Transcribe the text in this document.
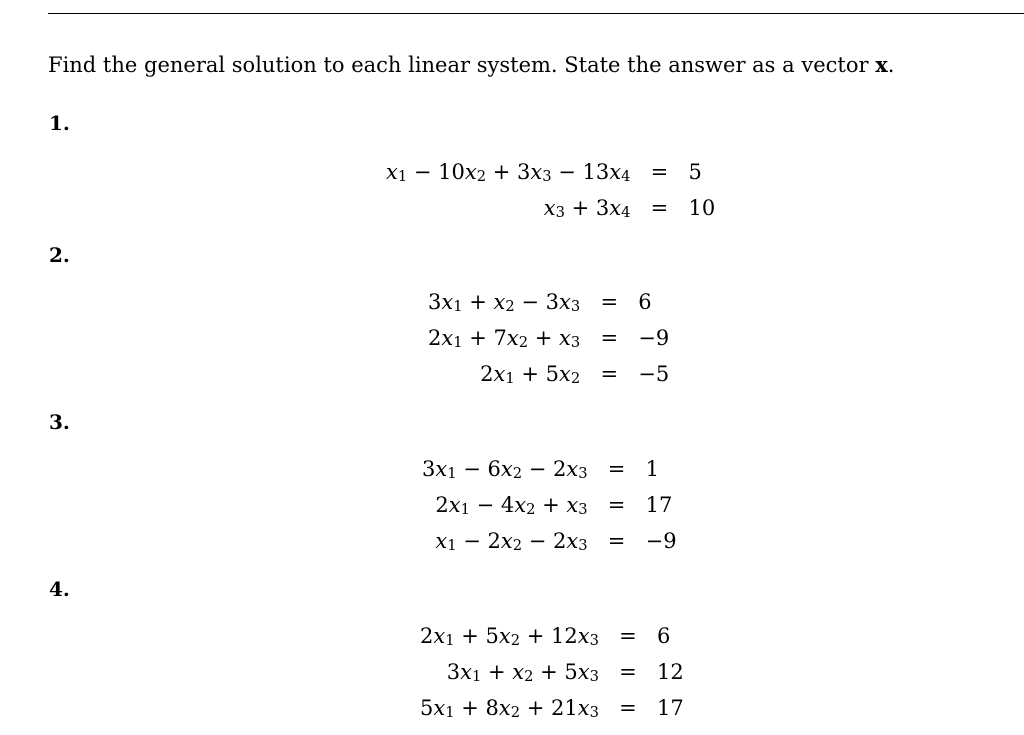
Find the general solution to each linear system. State the answer as a vector x.
1.
$x_1 - 10x_2 + 3x_3 - 13x_4$	=	5
$x_3 + 3x_4$	=	10
2.
$3x_1 + x_2 - 3x_3$	=	6
$2x_1 + 7x_2 + x_3$	=	−9
$2x_1 + 5x_2$	=	−5
3.
$3x_1 - 6x_2 - 2x_3$	=	1
$2x_1 - 4x_2 + x_3$	=	17
$x_1 - 2x_2 - 2x_3$	=	−9
4.
$2x_1 + 5x_2 + 12x_3$	=	6
$3x_1 + x_2 + 5x_3$	=	12
$5x_1 + 8x_2 + 21x_3$	=	17
